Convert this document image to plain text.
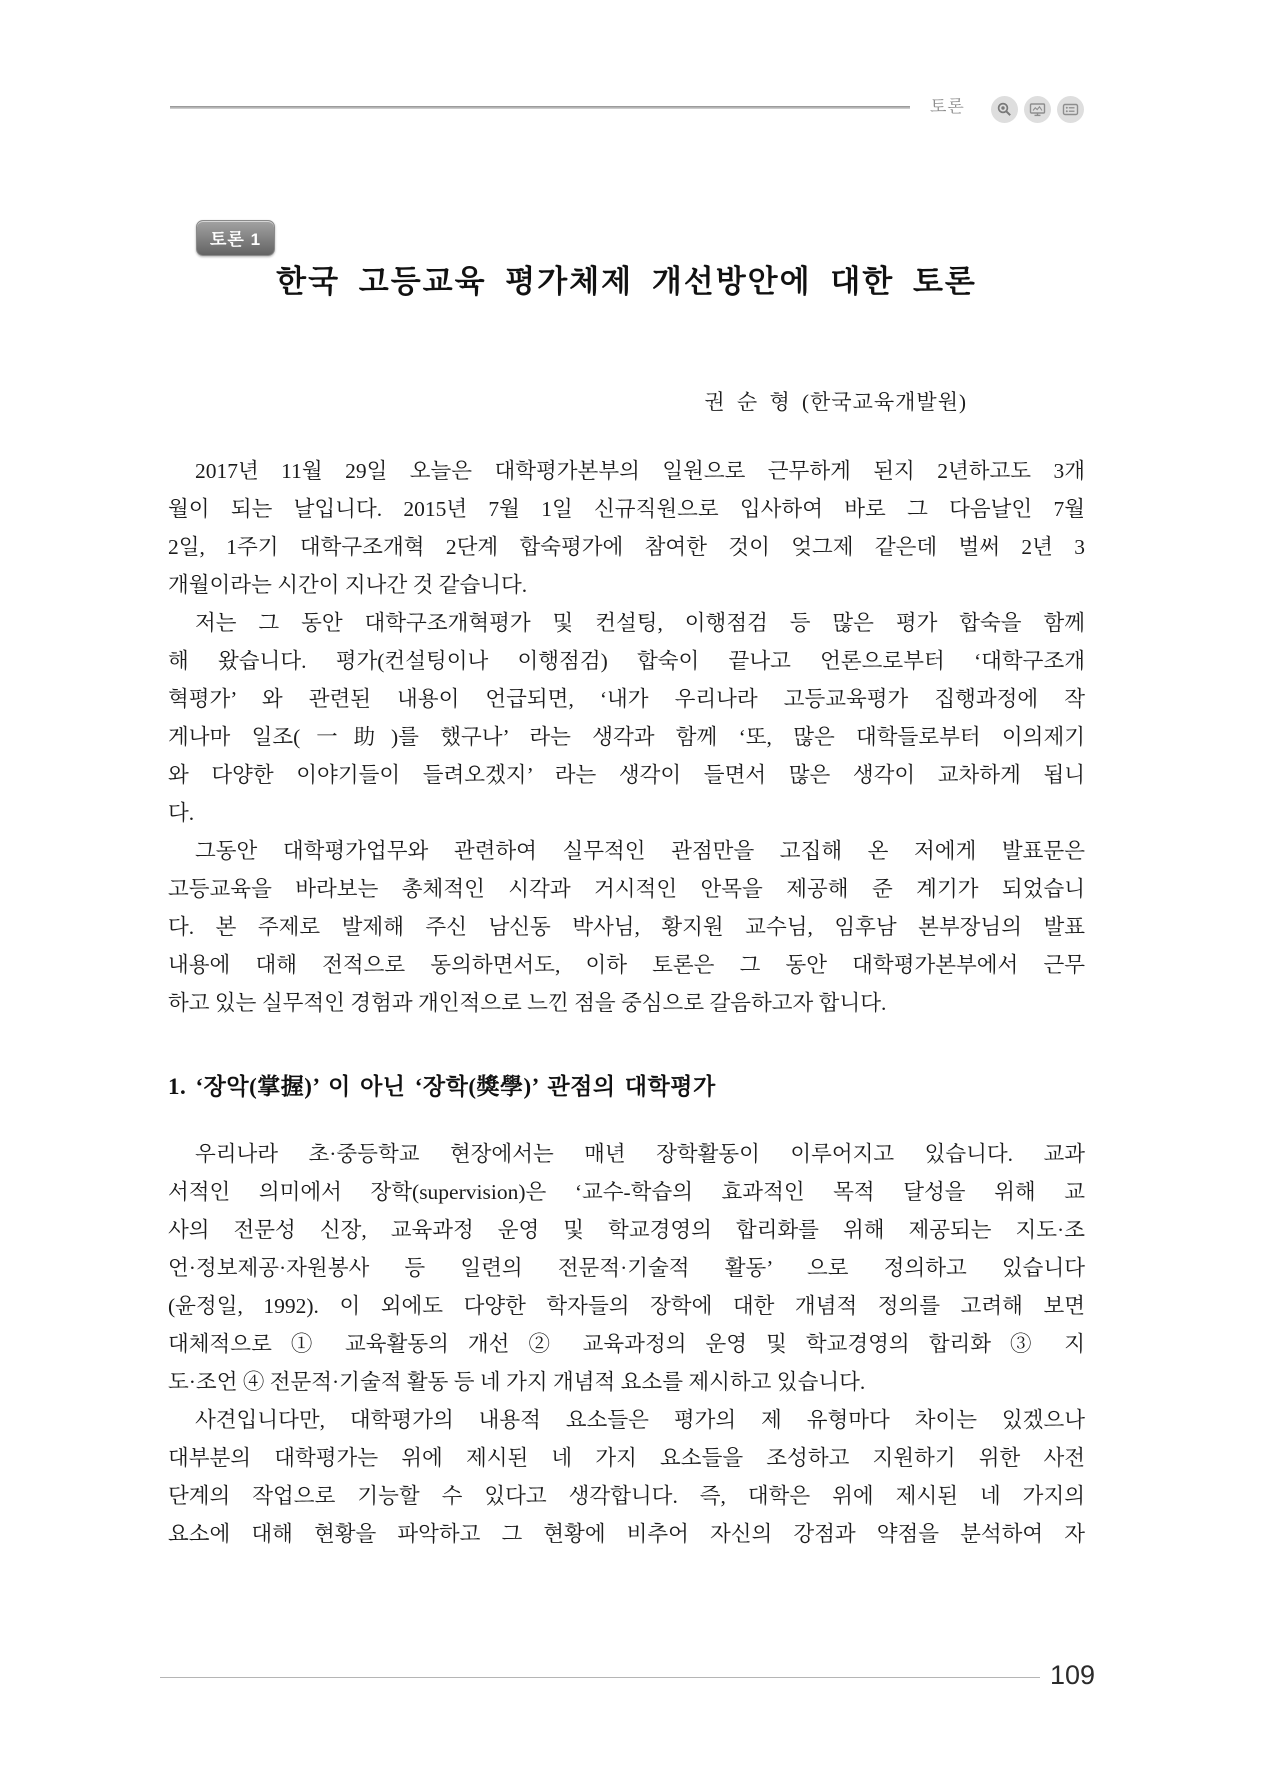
토론
토론 1
한국 고등교육 평가체제 개선방안에 대한 토론
권 순 형 (한국교육개발원)
2017년 11월 29일 오늘은 대학평가본부의 일원으로 근무하게 된지 2년하고도 3개
월이 되는 날입니다. 2015년 7월 1일 신규직원으로 입사하여 바로 그 다음날인 7월
2일, 1주기 대학구조개혁 2단계 합숙평가에 참여한 것이 엊그제 같은데 벌써 2년 3
개월이라는 시간이 지나간 것 같습니다.
저는 그 동안 대학구조개혁평가 및 컨설팅, 이행점검 등 많은 평가 합숙을 함께
해 왔습니다. 평가(컨설팅이나 이행점검) 합숙이 끝나고 언론으로부터 ‘대학구조개
혁평가’ 와 관련된 내용이 언급되면, ‘내가 우리나라 고등교육평가 집행과정에 작
게나마 일조(一助)를 했구나’ 라는 생각과 함께 ‘또, 많은 대학들로부터 이의제기
와 다양한 이야기들이 들려오겠지’ 라는 생각이 들면서 많은 생각이 교차하게 됩니
다.
그동안 대학평가업무와 관련하여 실무적인 관점만을 고집해 온 저에게 발표문은
고등교육을 바라보는 총체적인 시각과 거시적인 안목을 제공해 준 계기가 되었습니
다. 본 주제로 발제해 주신 남신동 박사님, 황지원 교수님, 임후남 본부장님의 발표
내용에 대해 전적으로 동의하면서도, 이하 토론은 그 동안 대학평가본부에서 근무
하고 있는 실무적인 경험과 개인적으로 느낀 점을 중심으로 갈음하고자 합니다.
1. ‘장악(掌握)’ 이 아닌 ‘장학(獎學)’ 관점의 대학평가
우리나라 초·중등학교 현장에서는 매년 장학활동이 이루어지고 있습니다. 교과
서적인 의미에서 장학(supervision)은 ‘교수-학습의 효과적인 목적 달성을 위해 교
사의 전문성 신장, 교육과정 운영 및 학교경영의 합리화를 위해 제공되는 지도·조
언·정보제공·자원봉사 등 일련의 전문적·기술적 활동’ 으로 정의하고 있습니다
(윤정일, 1992). 이 외에도 다양한 학자들의 장학에 대한 개념적 정의를 고려해 보면
대체적으로 ① 교육활동의 개선 ② 교육과정의 운영 및 학교경영의 합리화 ③ 지
도·조언 ④ 전문적·기술적 활동 등 네 가지 개념적 요소를 제시하고 있습니다.
사견입니다만, 대학평가의 내용적 요소들은 평가의 제 유형마다 차이는 있겠으나
대부분의 대학평가는 위에 제시된 네 가지 요소들을 조성하고 지원하기 위한 사전
단계의 작업으로 기능할 수 있다고 생각합니다. 즉, 대학은 위에 제시된 네 가지의
요소에 대해 현황을 파악하고 그 현황에 비추어 자신의 강점과 약점을 분석하여 자
109
